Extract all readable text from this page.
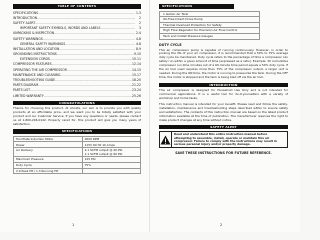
TABLE OF CONTENTS
SPECIFICATIONS .....	1-3
INTRODUCTION .....	2
SAFETY ALERT .....	2
IMPORTANT SAFETY SYMBOLS, WORDS AND LABELS .....	3
UNPACKING & INSPECTION .....	2-4
SAFETY WARNINGS .....	4-8
GENERAL SAFETY WARNINGS .....	4-8
INSTALLATION AND LOCATION .....	8-9
GROUNDING INSTRUCTIONS .....	9-10
EXTENSION CORDS .....	10-11
COMPRESSOR FEATURES .....	12-14
OPERATING THE AIR COMPRESSOR .....	14-15
MAINTENANCE AND CLEANING .....	15-17
TROUBLESHOOTING GUIDE .....	18-20
PARTS DIAGRAM .....	21-22
PARTS LIST .....	23-24
LIMITED WARRANTY .....	25-26
CONGRATULATIONS

Thanks for choosing this product. At Ahcata, our aim is to provide you with quality products at an affordable price, and we want you to be totally satisfied with your product and our Customer Service. If you have any questions or needs, please contact us at 1-800-246-0142. Properly cared for, this product will give you many years of satisfaction.

SPECIFICATIONS
Tool Plate Induction Motor	0000 RPM
Power	115V 60 Hz 10 Amps
Air Delivery	2.1 SCFM output @ 40 PSI
1.1 SCFM output @ 90 PSI
Maximum Pressure	125 PSI
Duty Cycle	75%
2.0 Peak HP / 1.3 Running HP	
1
SPECIFICATIONS
1 Gallon Air Tank
Oil-Free Direct Drive Pump
Thermal Overload Protection for Safety
High Flow Regulator for Precision Air Flow Control
Tank and Outlet Pressure Gauges
DUTY CYCLE

This air compressor pump is capable of running continuously. However, in order to prolong the life of your air compressor, it is recommended that a 50% to 75% average duty cycle be maintained. Duty cycle refers to the percentage of time a compressor can safely run within a given amount of time (expressed as a ratio). Example: 30 cumulative compressor run-time minutes out of a 60-minute time period equals a 50% duty cycle. If the air tool used requires more than 75% of the compressor output, a larger unit is needed. During the ON time, the motor is running to pressurize the tank. During the OFF time, the motor is stopped and the tank is being bled off via the air tool.

INTRODUCTION

This air compressor is designed for Household Use Only and is not intended for commercial applications. It is a useful tool for do-it-yourselfers with a variety of workshop and home tasks.

This instruction manual is intended for your benefit. Please read and follow the safety, installation, maintenance and troubleshooting steps described within to ensure safety and satisfaction. The contents of this instruction manual are based on the latest product information available at the time of publication. The manufacturer reserves the right to make product changes at any time without notice.

SAFETY ALERT
Read and understand this entire instruction manual before attempting to assemble, install, operate or maintain this air compressor. Failure to comply with the instructions may result in serious personal injury and/or property damage.
SAVE THESE INSTRUCTIONS FOR FUTURE REFERENCE.
2
